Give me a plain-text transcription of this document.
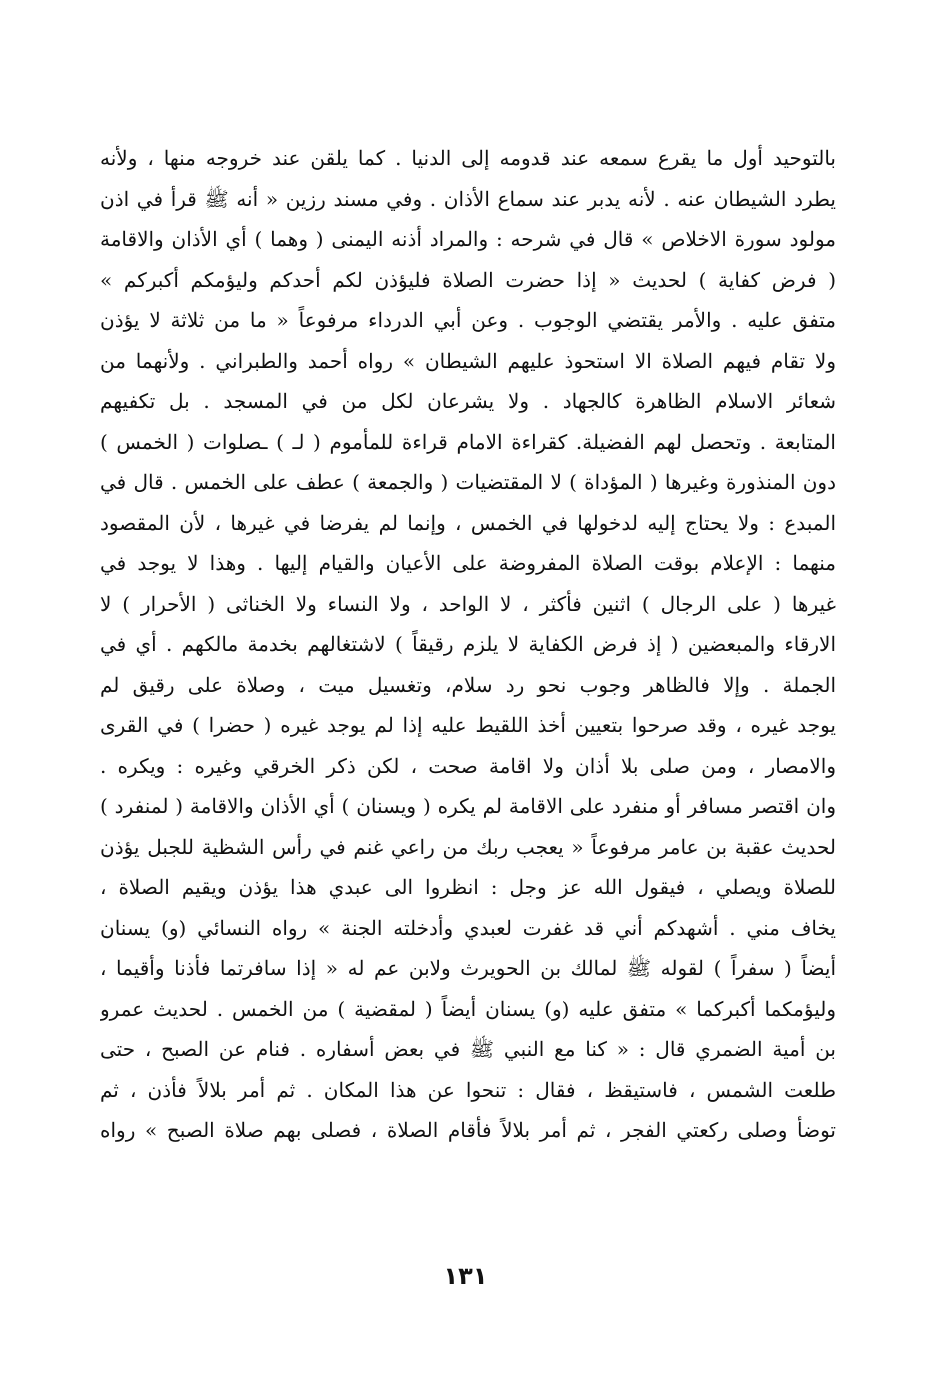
بالتوحيد أول ما يقرع سمعه عند قدومه إلى الدنيا . كما يلقن عند خروجه منها ، ولأنه
يطرد الشيطان عنه . لأنه يدبر عند سماع الأذان . وفي مسند رزين « أنه ﷺ قرأ في اذن
مولود سورة الاخلاص » قال في شرحه : والمراد أذنه اليمنى ( وهما ) أي الأذان والاقامة
( فرض كفاية ) لحديث « إذا حضرت الصلاة فليؤذن لكم أحدكم وليؤمكم أكبركم »
متفق عليه . والأمر يقتضي الوجوب . وعن أبي الدرداء مرفوعاً « ما من ثلاثة لا يؤذن
ولا تقام فيهم الصلاة الا استحوذ عليهم الشيطان » رواه أحمد والطبراني . ولأنهما من
شعائر الاسلام الظاهرة كالجهاد . ولا يشرعان لكل من في المسجد . بل تكفيهم
المتابعة . وتحصل لهم الفضيلة. كقراءة الامام قراءة للمأموم ( لـ ) ـصلوات ( الخمس )
دون المنذورة وغيرها ( المؤداة ) لا المقتضيات ( والجمعة ) عطف على الخمس . قال في
المبدع : ولا يحتاج إليه لدخولها في الخمس ، وإنما لم يفرضا في غيرها ، لأن المقصود
منهما : الإعلام بوقت الصلاة المفروضة على الأعيان والقيام إليها . وهذا لا يوجد في
غيرها ( على الرجال ) اثنين فأكثر ، لا الواحد ، ولا النساء ولا الخناثى ( الأحرار ) لا
الارقاء والمبعضين ( إذ فرض الكفاية لا يلزم رقيقاً ) لاشتغالهم بخدمة مالكهم . أي في
الجملة . وإلا فالظاهر وجوب نحو رد سلام، وتغسيل ميت ، وصلاة على رقيق لم
يوجد غيره ، وقد صرحوا بتعيين أخذ اللقيط عليه إذا لم يوجد غيره ( حضرا ) في القرى
والامصار ، ومن صلى بلا أذان ولا اقامة صحت ، لكن ذكر الخرقي وغيره : ويكره .
وان اقتصر مسافر أو منفرد على الاقامة لم يكره ( ويسنان ) أي الأذان والاقامة ( لمنفرد )
لحديث عقبة بن عامر مرفوعاً « يعجب ربك من راعي غنم في رأس الشظية للجبل يؤذن
للصلاة ويصلي ، فيقول الله عز وجل : انظروا الى عبدي هذا يؤذن ويقيم الصلاة ،
يخاف مني . أشهدكم أني قد غفرت لعبدي وأدخلته الجنة » رواه النسائي (و) يسنان
أيضاً ( سفراً ) لقوله ﷺ لمالك بن الحويرث ولابن عم له « إذا سافرتما فأذنا وأقيما ،
وليؤمكما أكبركما » متفق عليه (و) يسنان أيضاً ( لمقضية ) من الخمس . لحديث عمرو
بن أمية الضمري قال : « كنا مع النبي ﷺ في بعض أسفاره . فنام عن الصبح ، حتى
طلعت الشمس ، فاستيقظ ، فقال : تنحوا عن هذا المكان . ثم أمر بلالاً فأذن ، ثم
توضأ وصلى ركعتي الفجر ، ثم أمر بلالاً فأقام الصلاة ، فصلى بهم صلاة الصبح » رواه
١٣١
